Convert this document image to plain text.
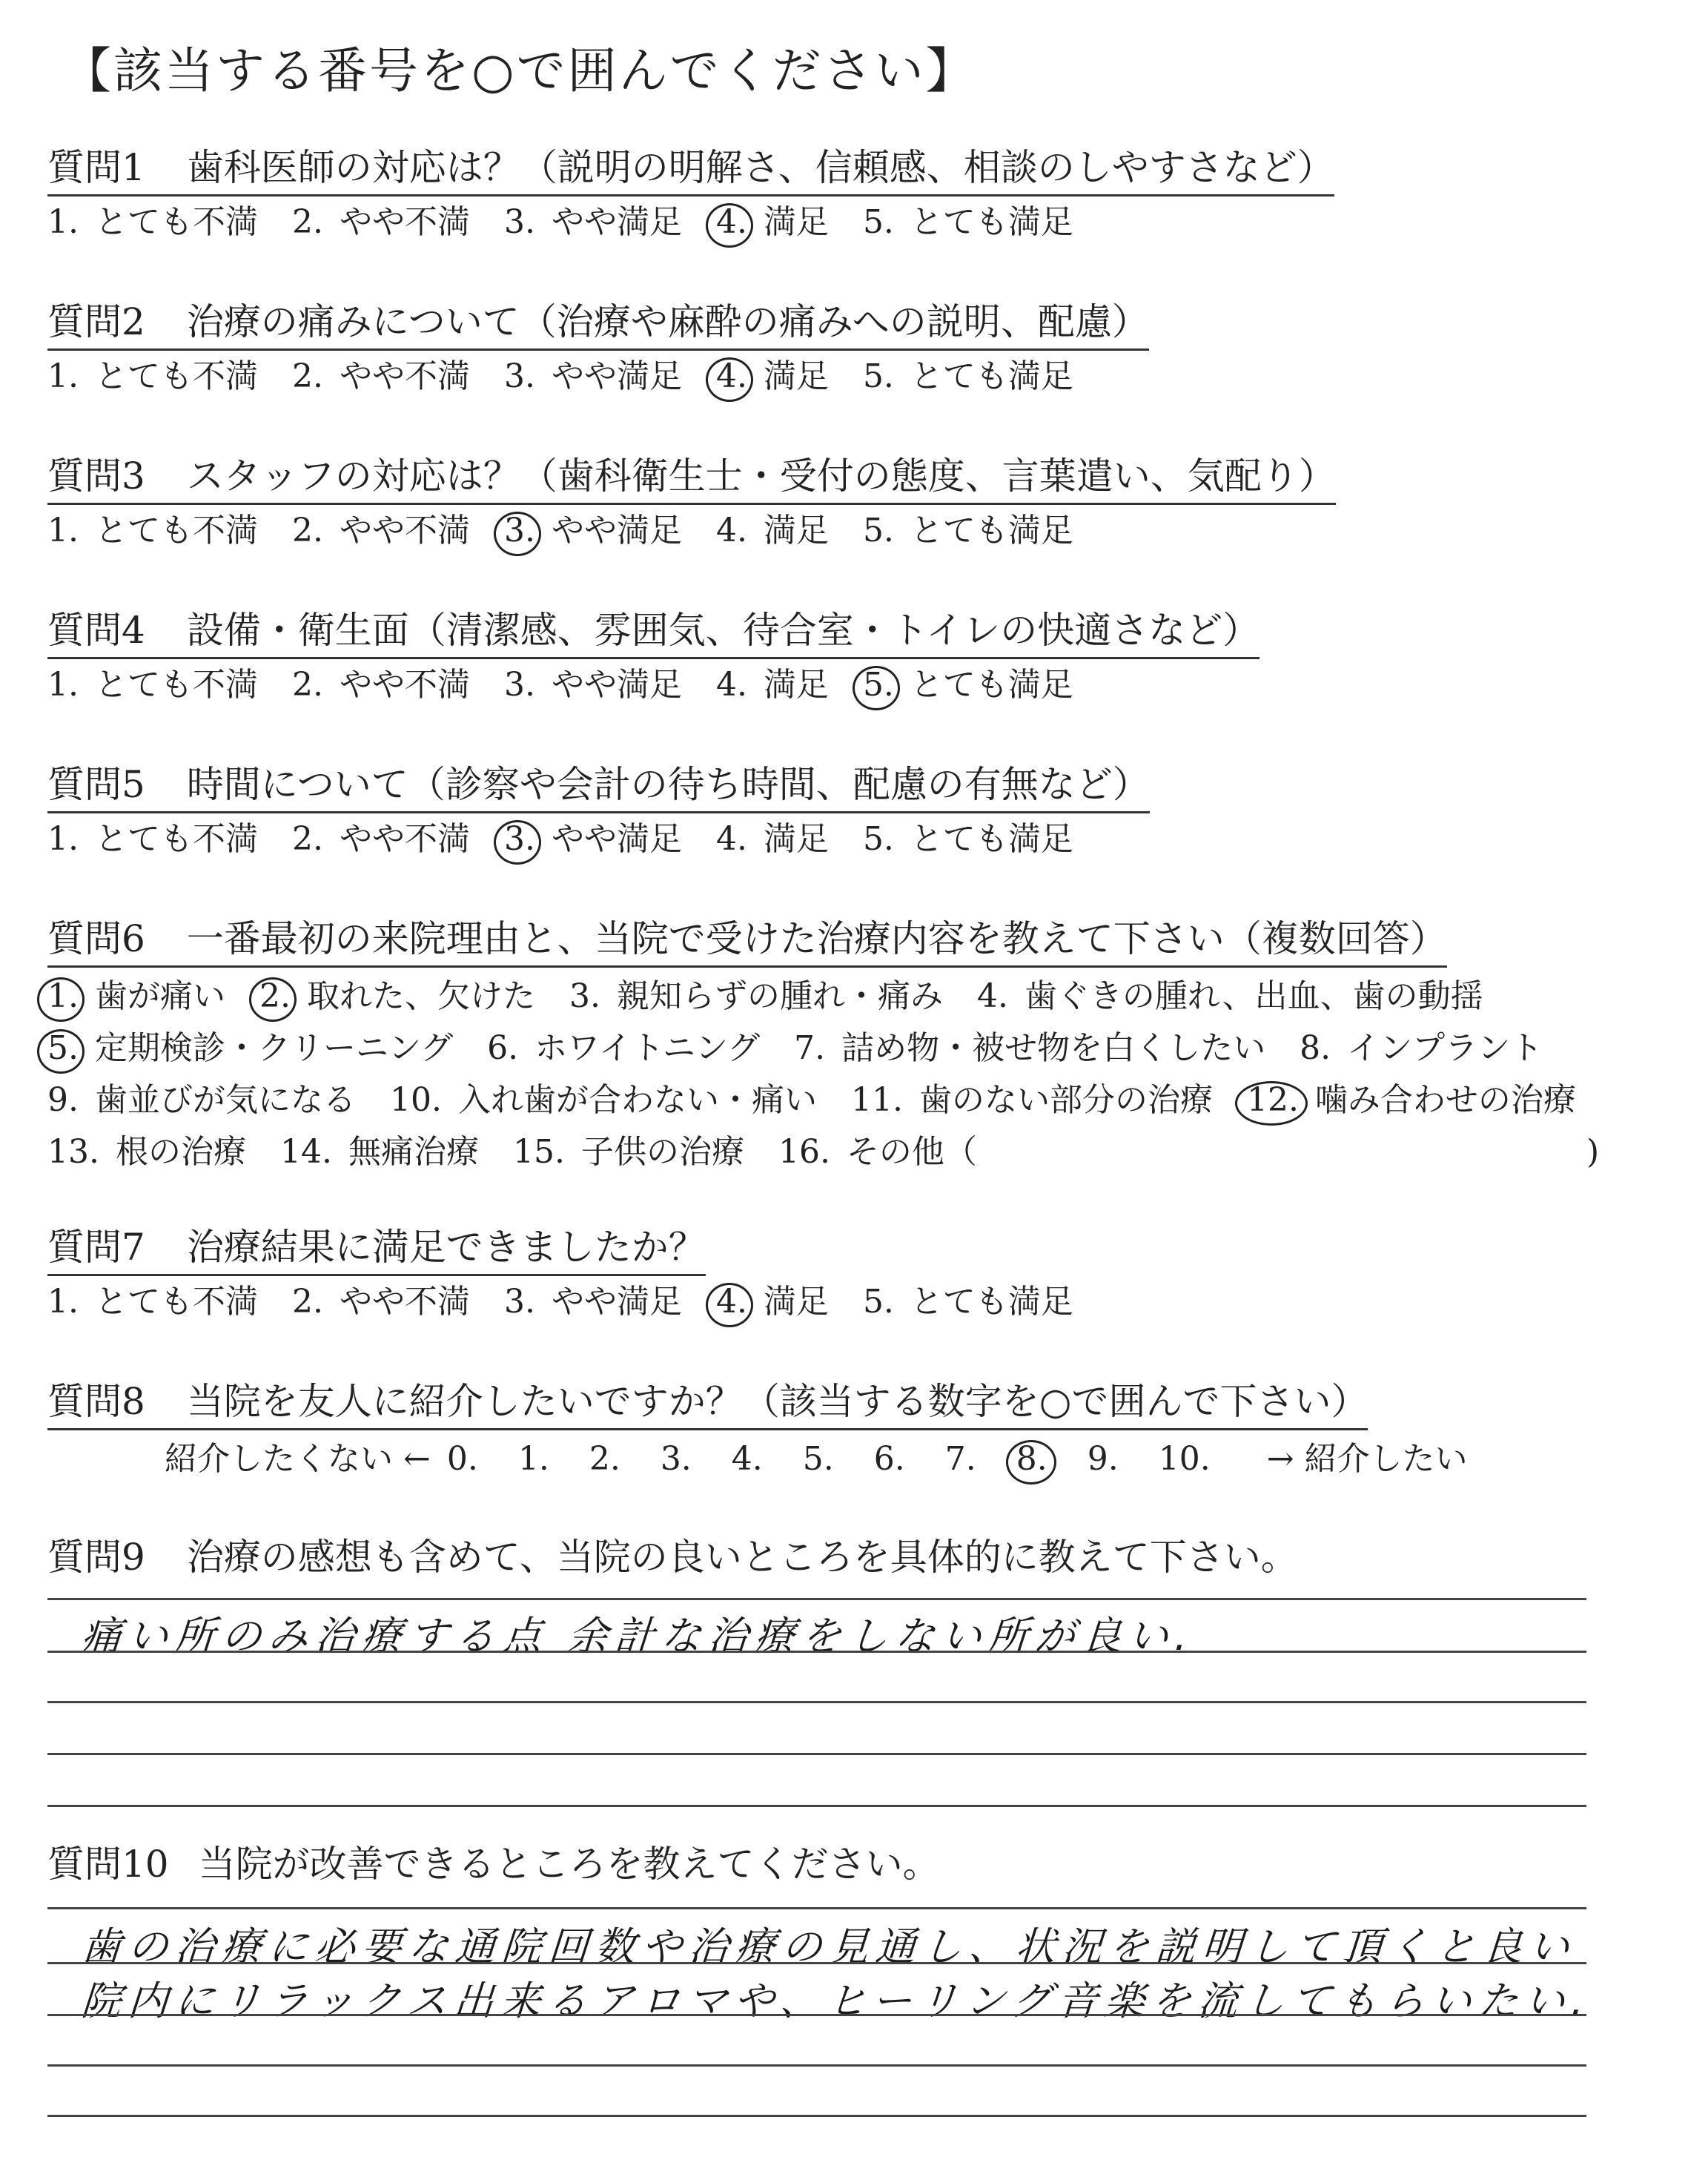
【該当する番号を○で囲んでください】
質問1 歯科医師の対応は？（説明の明解さ、信頼感、相談のしやすさなど）
1. とても不満 2. やや不満 3. やや満足 4. 満足 5. とても満足
質問2 治療の痛みについて（治療や麻酔の痛みへの説明、配慮）
1. とても不満 2. やや不満 3. やや満足 4. 満足 5. とても満足
質問3 スタッフの対応は？（歯科衛生士・受付の態度、言葉遣い、気配り）
1. とても不満 2. やや不満 3. やや満足 4. 満足 5. とても満足
質問4 設備・衛生面（清潔感、雰囲気、待合室・トイレの快適さなど）
1. とても不満 2. やや不満 3. やや満足 4. 満足 5. とても満足
質問5 時間について（診察や会計の待ち時間、配慮の有無など）
1. とても不満 2. やや不満 3. やや満足 4. 満足 5. とても満足
質問6 一番最初の来院理由と、当院で受けた治療内容を教えて下さい（複数回答）
1. 歯が痛い 2. 取れた、欠けた 3. 親知らずの腫れ・痛み 4. 歯ぐきの腫れ、出血、歯の動揺
5. 定期検診・クリーニング 6. ホワイトニング 7. 詰め物・被せ物を白くしたい 8. インプラント
9. 歯並びが気になる 10. 入れ歯が合わない・痛い 11. 歯のない部分の治療 12. 噛み合わせの治療
13. 根の治療 14. 無痛治療 15. 子供の治療 16. その他（	)
質問7 治療結果に満足できましたか？
1. とても不満 2. やや不満 3. やや満足 4. 満足 5. とても満足
質問8 当院を友人に紹介したいですか？（該当する数字を○で囲んで下さい）
紹介したくない ← 0. 1. 2. 3. 4. 5. 6. 7. 8. 9. 10. → 紹介したい
質問9 治療の感想も含めて、当院の良いところを具体的に教えて下さい。
痛い所のみ治療する点 余計な治療をしない所が良い.
質問10 当院が改善できるところを教えてください。
歯の治療に必要な通院回数や治療の見通し、状況を説明して頂くと良い
院内にリラックス出来るアロマや、ヒーリング音楽を流してもらいたい.
